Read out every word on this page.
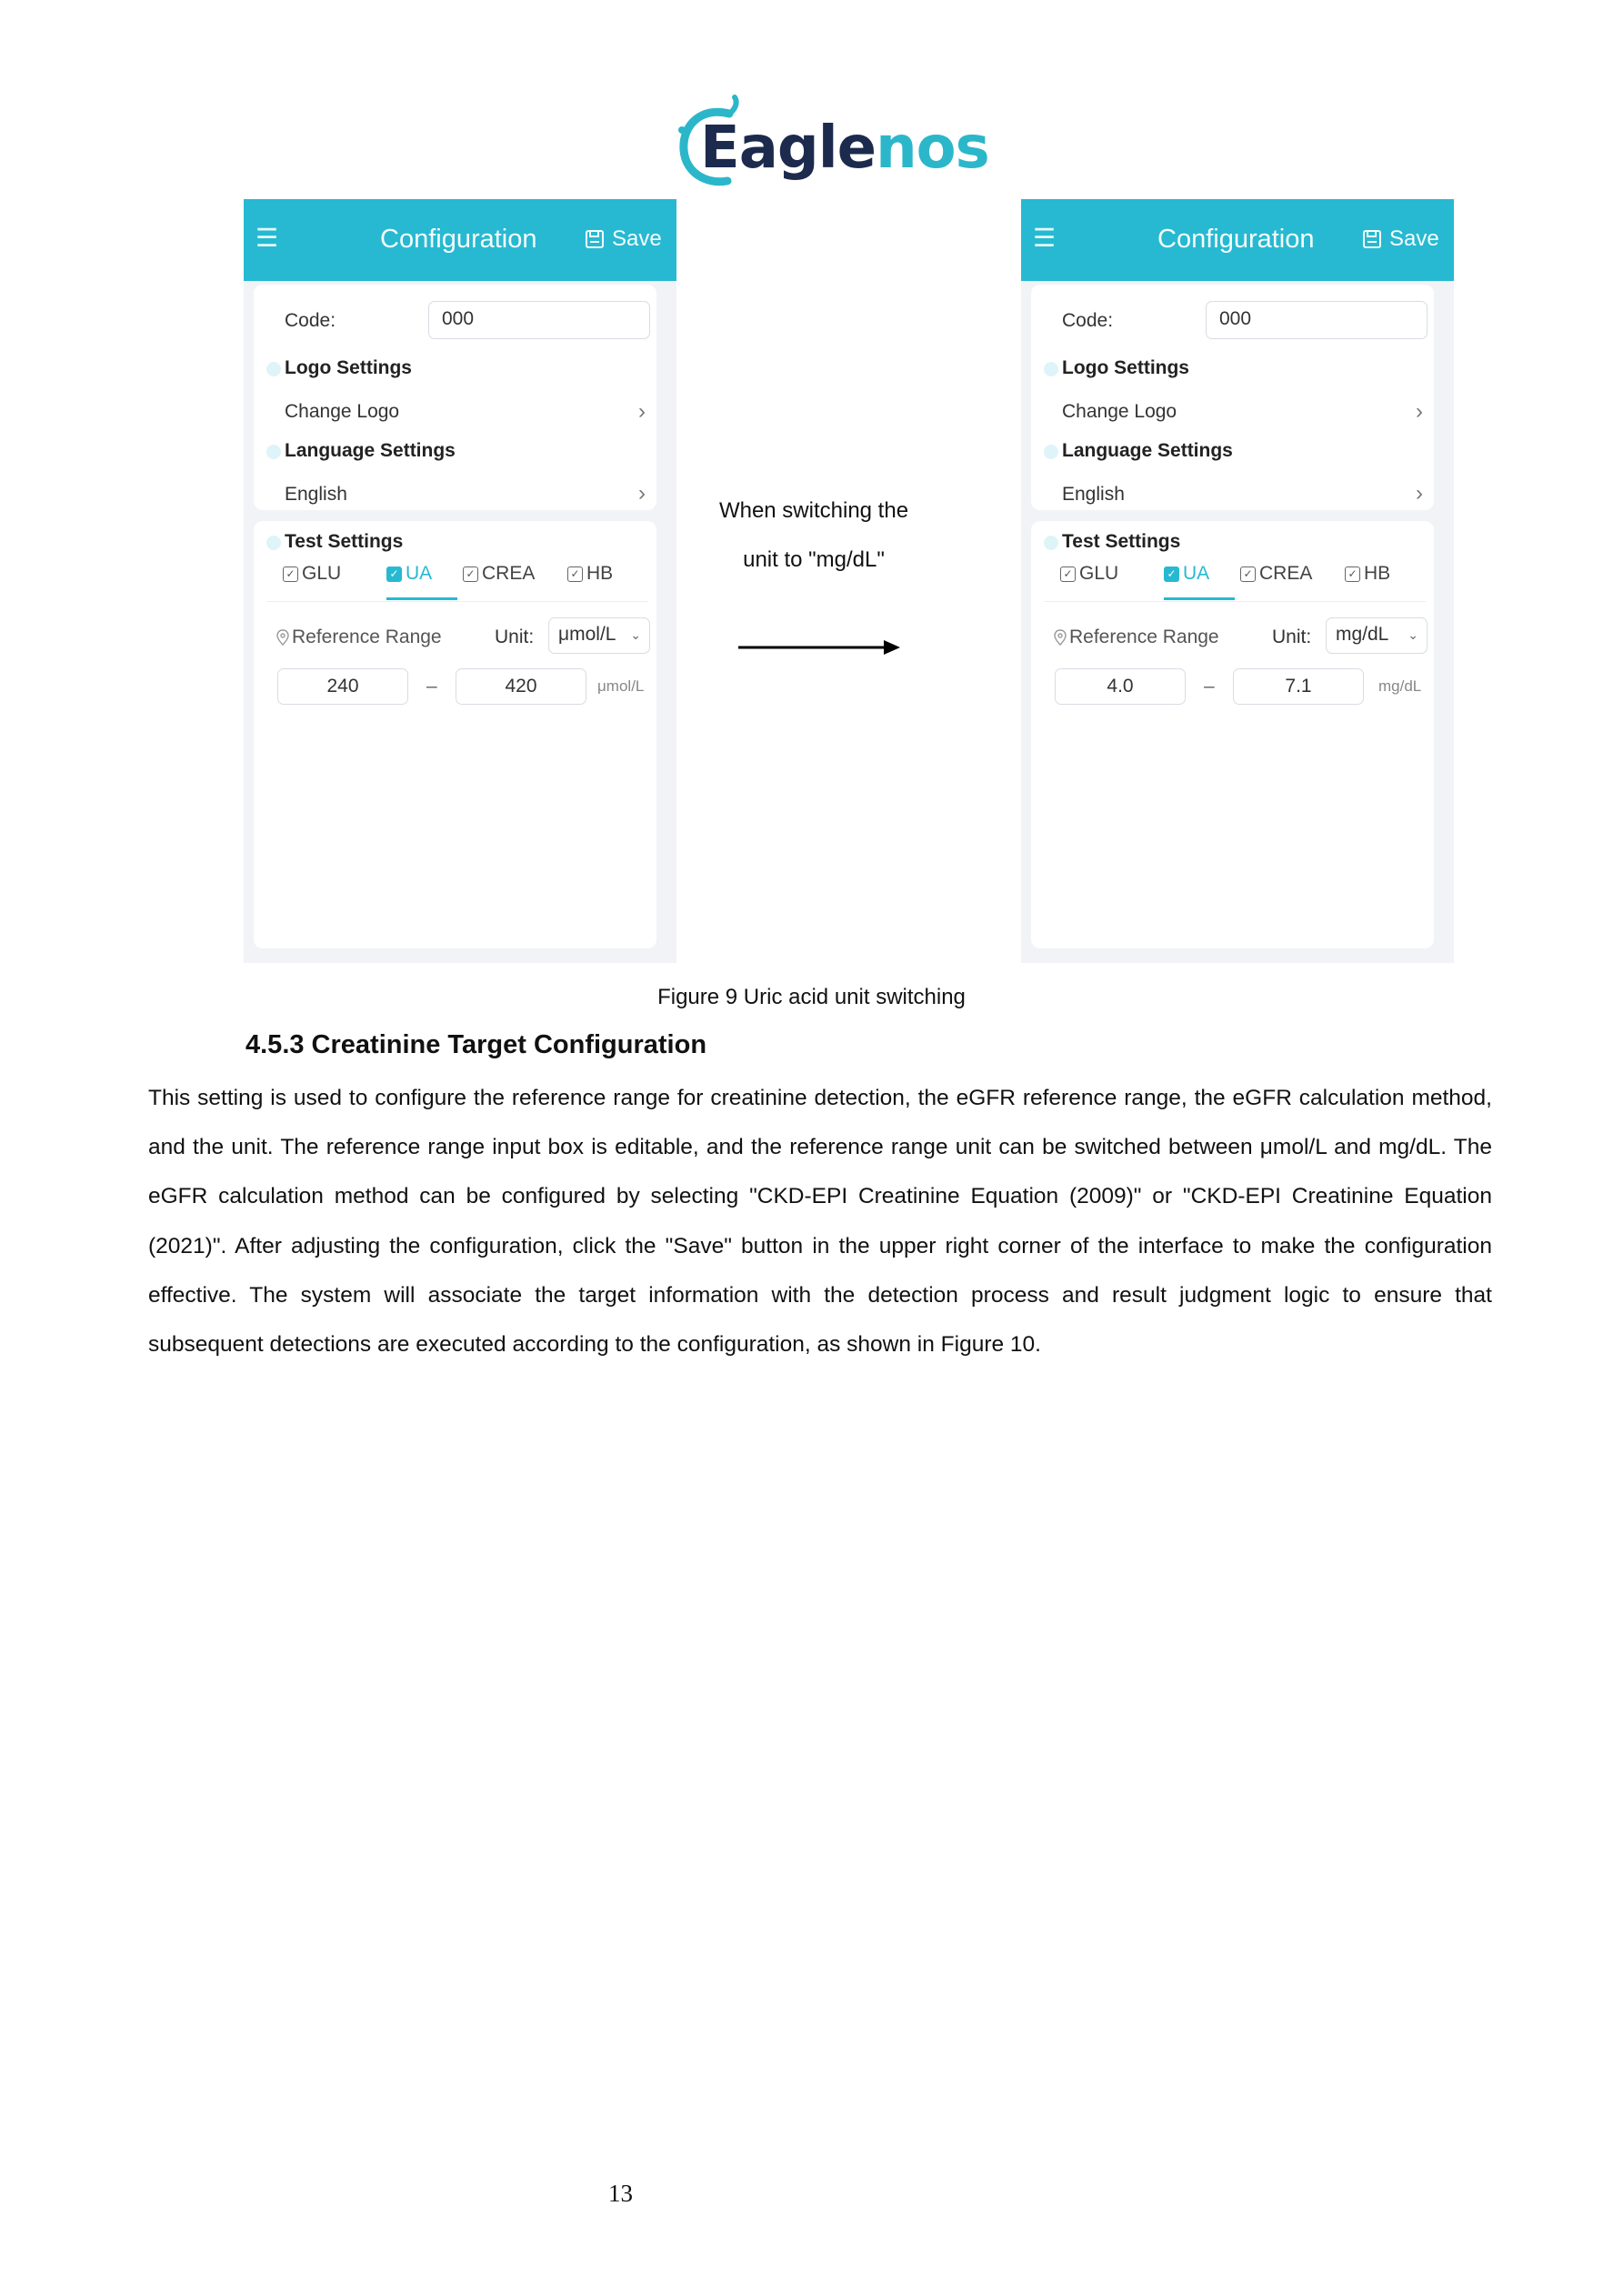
Eaglenos
☰	Configuration	Save
Code:	000
Logo Settings
Change Logo	›
Language Settings
English	›
Test Settings
✓ GLU	✓ UA	✓ CREA	✓ HB
Reference Range	Unit:	μmol/L ⌄
240	–	420	μmol/L
When switching the
unit to "mg/dL"
☰	Configuration	Save
Code:	000
Logo Settings
Change Logo	›
Language Settings
English	›
Test Settings
✓ GLU	✓ UA	✓ CREA	✓ HB
Reference Range	Unit:	mg/dL ⌄
4.0	–	7.1	mg/dL
Figure 9 Uric acid unit switching
4.5.3 Creatinine Target Configuration
This setting is used to configure the reference range for creatinine detection, the eGFR reference range, the eGFR calculation method, and the unit. The reference range input box is editable, and the reference range unit can be switched between μmol/L and mg/dL. The eGFR calculation method can be configured by selecting "CKD-EPI Creatinine Equation (2009)" or "CKD-EPI Creatinine Equation (2021)". After adjusting the configuration, click the "Save" button in the upper right corner of the interface to make the configuration effective. The system will associate the target information with the detection process and result judgment logic to ensure that subsequent detections are executed according to the configuration, as shown in Figure 10.
13
